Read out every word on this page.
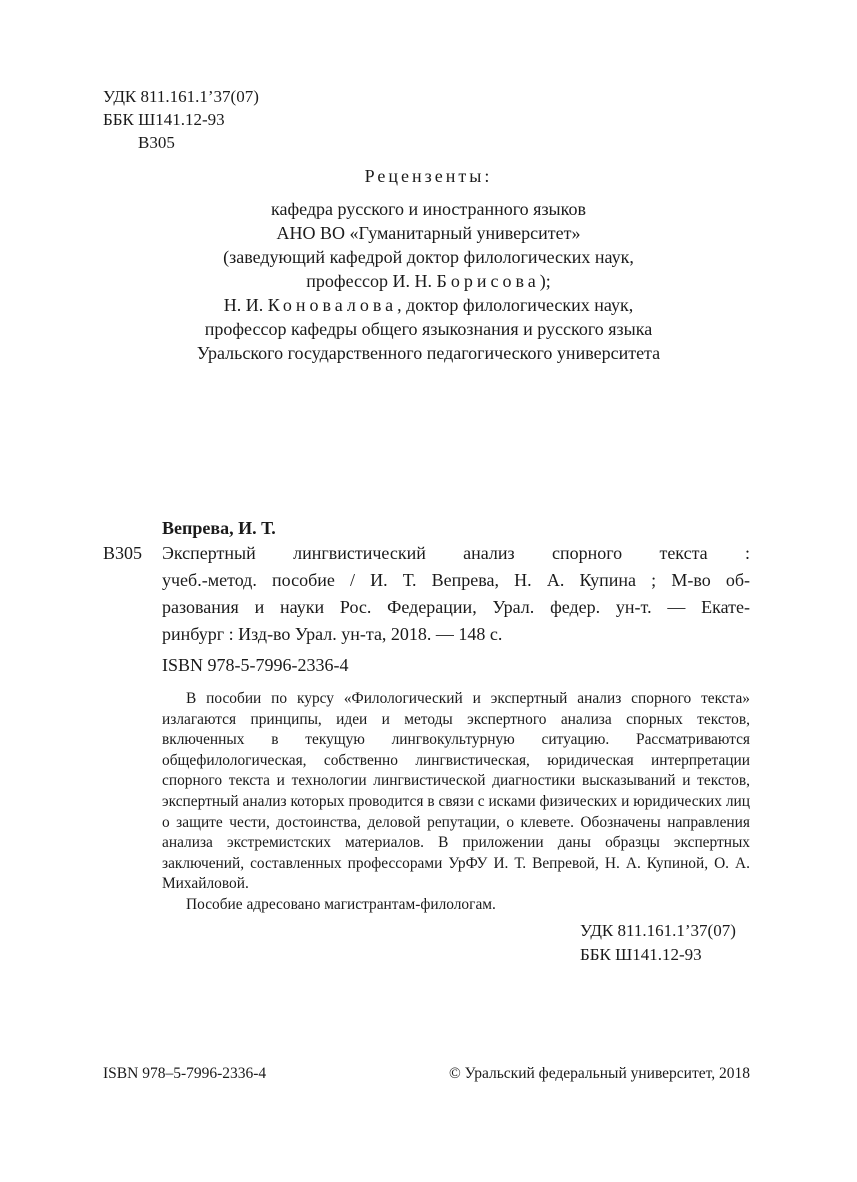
УДК 811.161.1’37(07)
ББК Ш141.12-93
В305
Рецензенты:
кафедра русского и иностранного языков
АНО ВО «Гуманитарный университет»
(заведующий кафедрой доктор филологических наук,
профессор И. Н. Борисова);
Н. И. Коновалова, доктор филологических наук,
профессор кафедры общего языкознания и русского языка
Уральского государственного педагогического университета
Вепрева, И. Т.
В305 Экспертный лингвистический анализ спорного текста :
учеб.-метод. пособие / И. Т. Вепрева, Н. А. Купина ; М-во об-
разования и науки Рос. Федерации, Урал. федер. ун-т. — Екате-
ринбург : Изд-во Урал. ун-та, 2018. — 148 с.
ISBN 978-5-7996-2336-4

В пособии по курсу «Филологический и экспертный анализ спорного текста» излагаются принципы, идеи и методы экспертного анализа спорных текстов, включенных в текущую лингвокультурную ситуацию. Рассматриваются общефилологическая, собственно лингвистическая, юридическая интерпретации спорного текста и технологии лингвистической диагностики высказываний и текстов, экспертный анализ которых проводится в связи с исками физических и юридических лиц о защите чести, достоинства, деловой репутации, о клевете. Обозначены направления анализа экстремистских материалов. В приложении даны образцы экспертных заключений, составленных профессорами УрФУ И. Т. Вепревой, Н. А. Купиной, О. А. Михайловой.

Пособие адресовано магистрантам-филологам.

УДК 811.161.1’37(07)
ББК Ш141.12-93
ISBN 978–5-7996-2336-4	© Уральский федеральный университет, 2018
